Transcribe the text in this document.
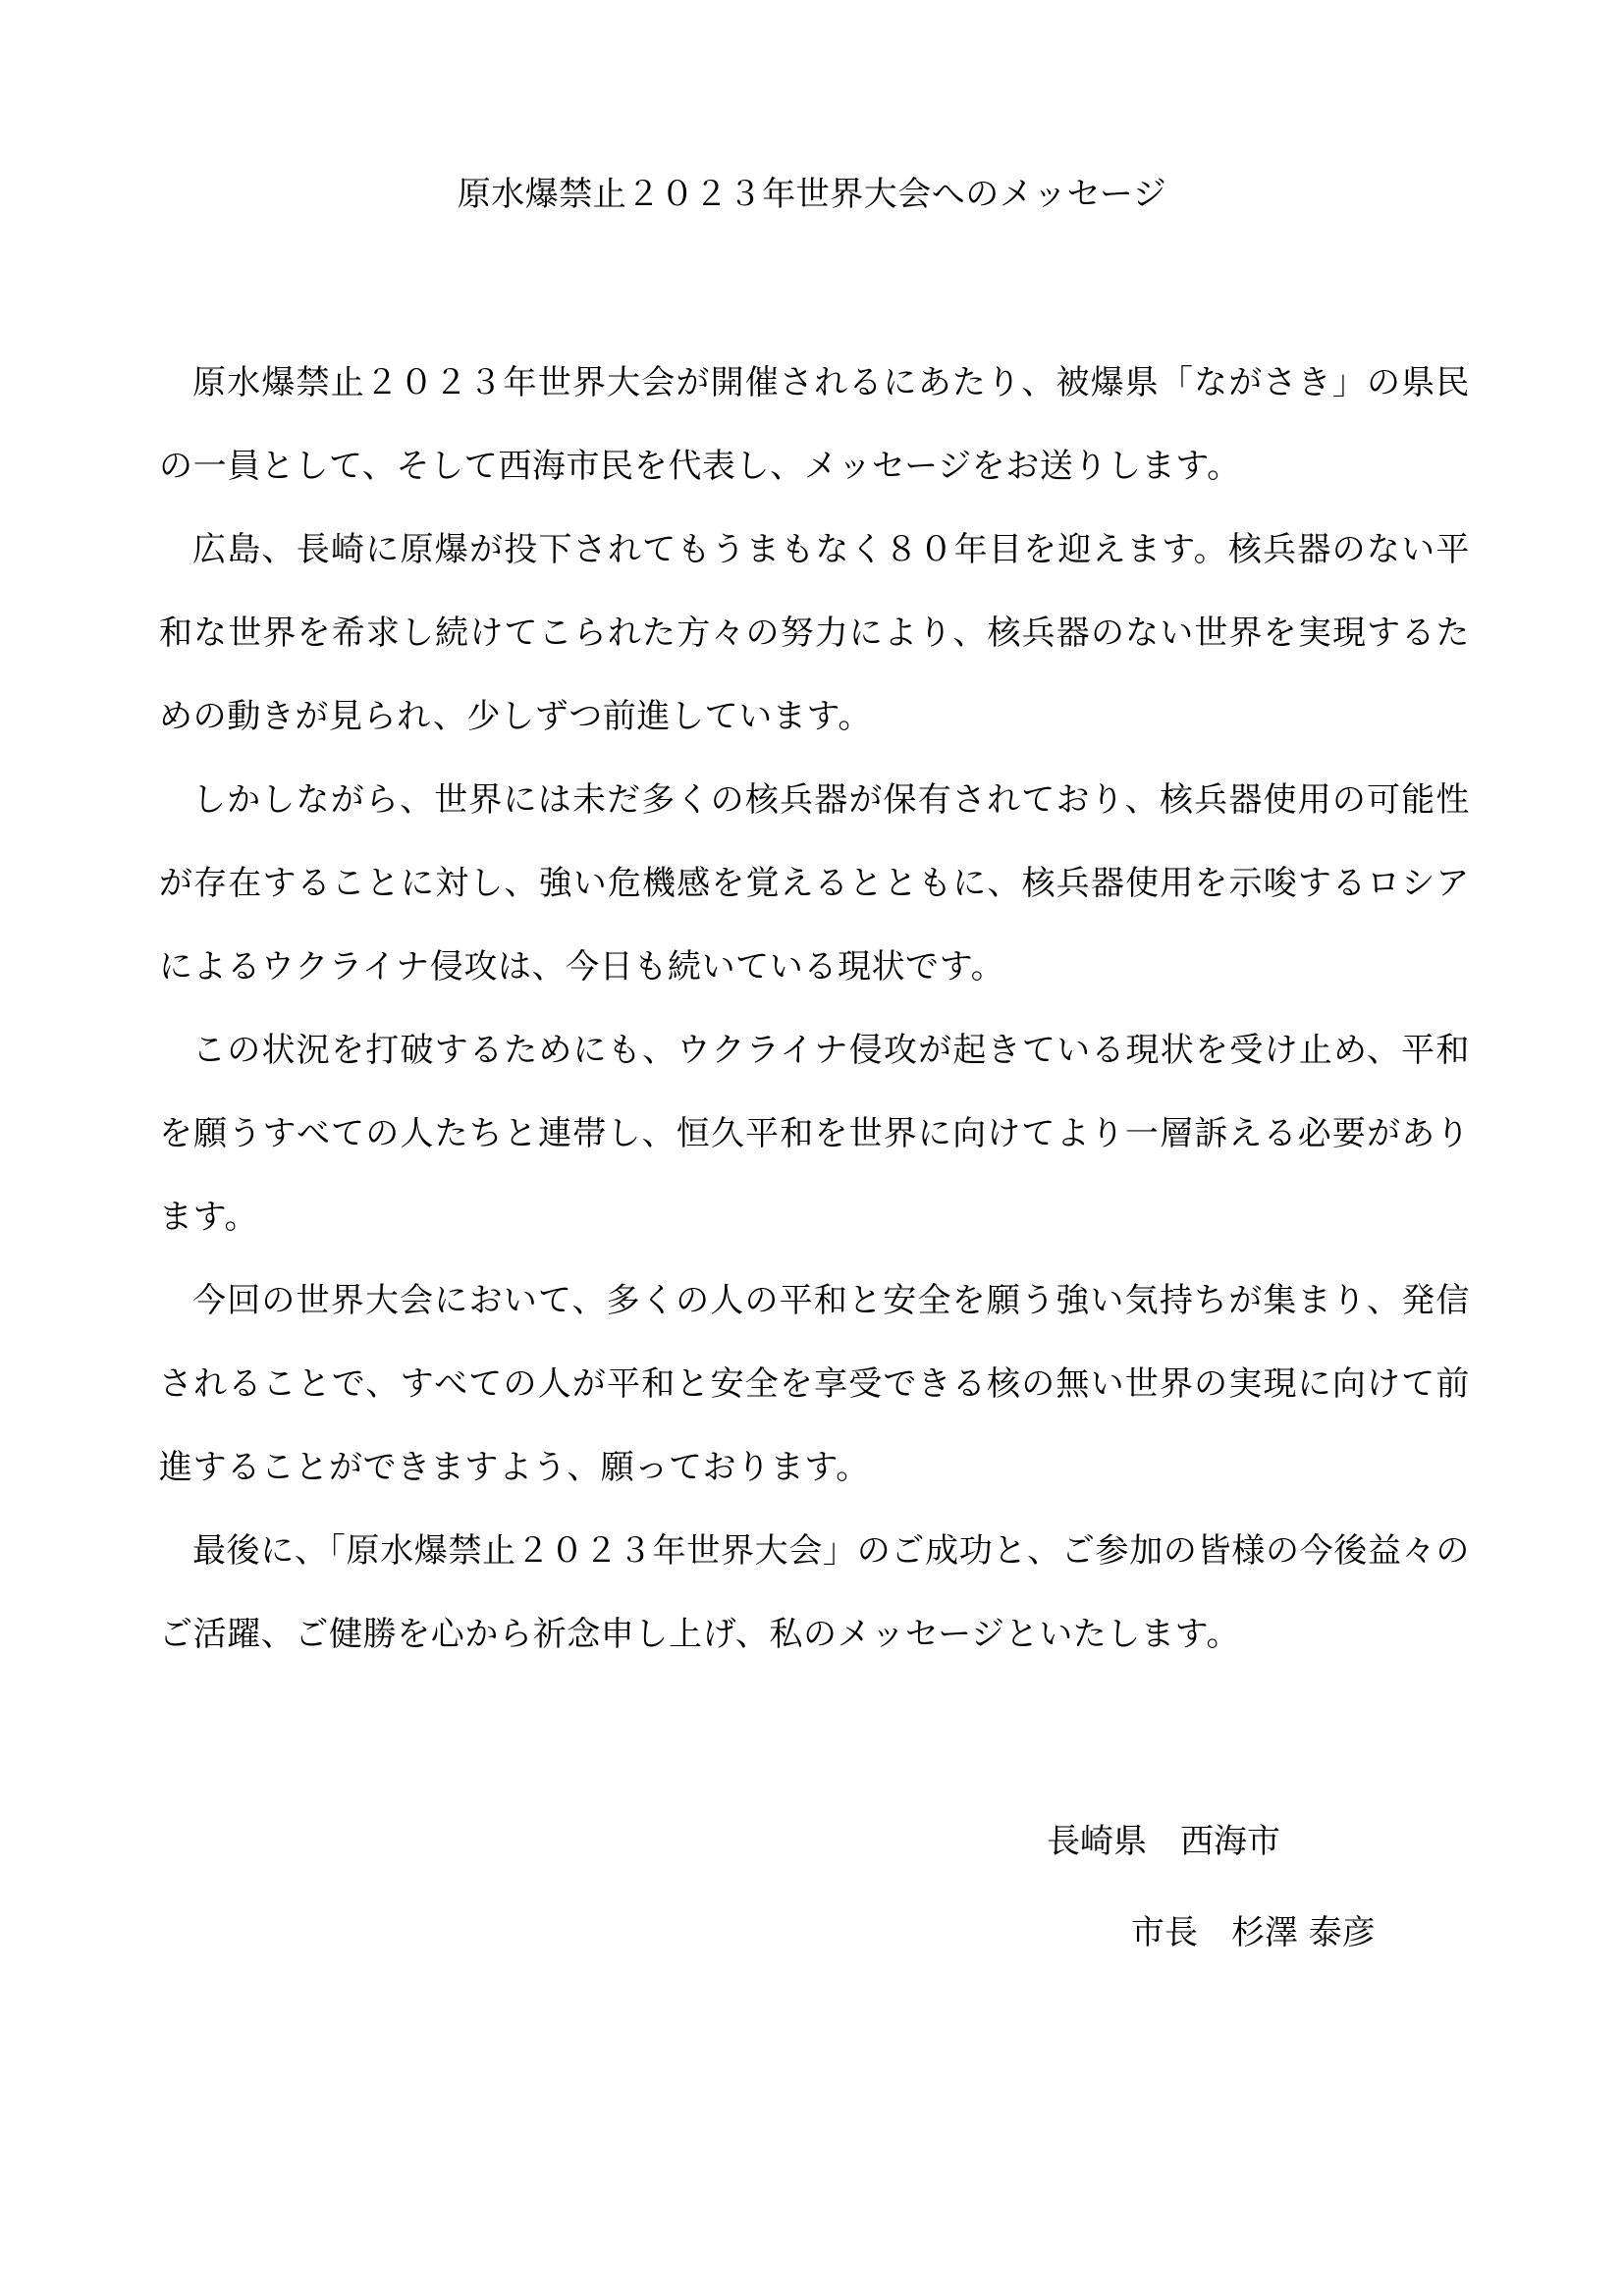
原水爆禁止２０２３年世界大会へのメッセージ

原水爆禁止２０２３年世界大会が開催されるにあたり、被爆県「ながさき」の県民の一員として、そして西海市民を代表し、メッセージをお送りします。

広島、長崎に原爆が投下されてもうまもなく８０年目を迎えます。核兵器のない平和な世界を希求し続けてこられた方々の努力により、核兵器のない世界を実現するための動きが見られ、少しずつ前進しています。

しかしながら、世界には未だ多くの核兵器が保有されており、核兵器使用の可能性が存在することに対し、強い危機感を覚えるとともに、核兵器使用を示唆するロシアによるウクライナ侵攻は、今日も続いている現状です。

この状況を打破するためにも、ウクライナ侵攻が起きている現状を受け止め、平和を願うすべての人たちと連帯し、恒久平和を世界に向けてより一層訴える必要があります。

今回の世界大会において、多くの人の平和と安全を願う強い気持ちが集まり、発信されることで、すべての人が平和と安全を享受できる核の無い世界の実現に向けて前進することができますよう、願っております。

最後に、「原水爆禁止２０２３年世界大会」のご成功と、ご参加の皆様の今後益々のご活躍、ご健勝を心から祈念申し上げ、私のメッセージといたします。

長崎県　西海市
市長　杉澤 泰彦
